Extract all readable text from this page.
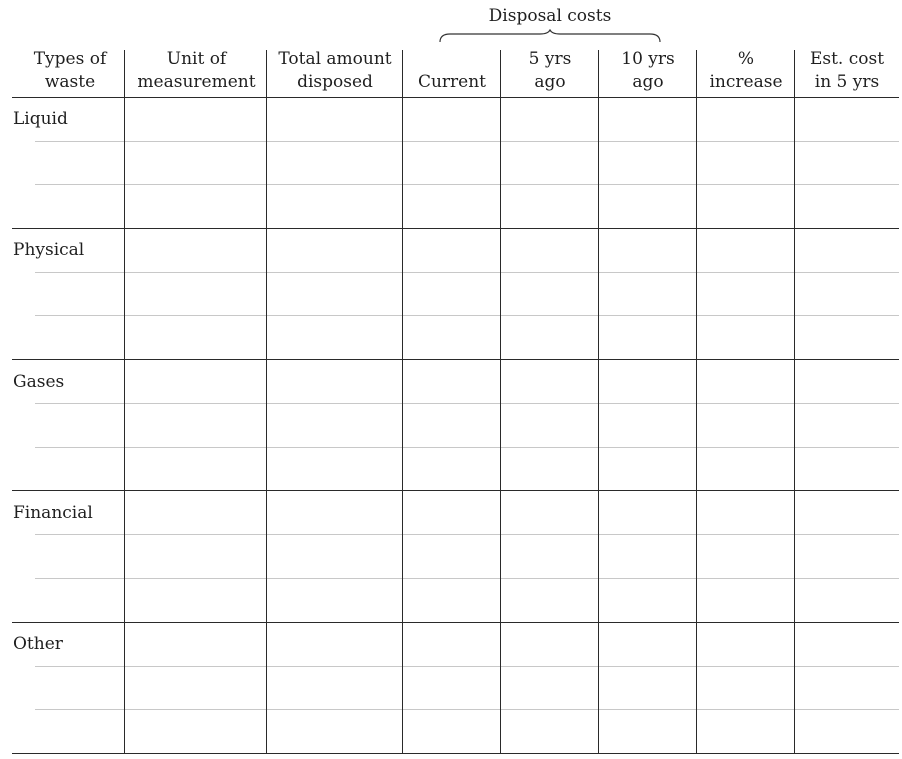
Disposal costs
Types of
waste
Unit of
measurement
Total amount
disposed	Current
5 yrs
ago
10 yrs
ago
%
increase
Est. cost
in 5 yrs
Liquid
Physical
Gases
Financial
Other
